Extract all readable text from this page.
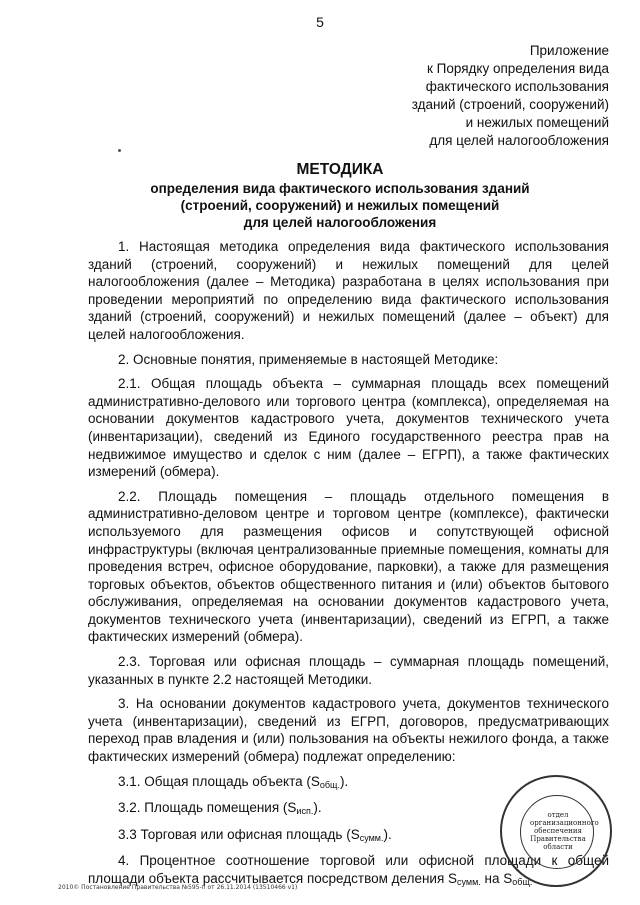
5
Приложение
к Порядку определения вида
фактического использования
зданий (строений, сооружений)
и нежилых помещений
для целей налогообложения
МЕТОДИКА
определения вида фактического использования зданий
(строений, сооружений) и нежилых помещений
для целей налогообложения

1. Настоящая методика определения вида фактического использования зданий (строений, сооружений) и нежилых помещений для целей налогообложения (далее – Методика) разработана в целях использования при проведении мероприятий по определению вида фактического использования зданий (строений, сооружений) и нежилых помещений (далее – объект) для целей налогообложения.

2. Основные понятия, применяемые в настоящей Методике:

2.1. Общая площадь объекта – суммарная площадь всех помещений административно-делового или торгового центра (комплекса), определяемая на основании документов кадастрового учета, документов технического учета (инвентаризации), сведений из Единого государственного реестра прав на недвижимое имущество и сделок с ним (далее – ЕГРП), а также фактических измерений (обмера).

2.2. Площадь помещения – площадь отдельного помещения в административно-деловом центре и торговом центре (комплексе), фактически используемого для размещения офисов и сопутствующей офисной инфраструктуры (включая централизованные приемные помещения, комнаты для проведения встреч, офисное оборудование, парковки), а также для размещения торговых объектов, объектов общественного питания и (или) объектов бытового обслуживания, определяемая на основании документов кадастрового учета, документов технического учета (инвентаризации), сведений из ЕГРП, а также фактических измерений (обмера).

2.3. Торговая или офисная площадь – суммарная площадь помещений, указанных в пункте 2.2 настоящей Методики.

3. На основании документов кадастрового учета, документов технического учета (инвентаризации), сведений из ЕГРП, договоров, предусматривающих переход прав владения и (или) пользования на объекты нежилого фонда, а также фактических измерений (обмера) подлежат определению:

3.1. Общая площадь объекта $(S_{общ.})$.

3.2. Площадь помещения $(S_{исп.})$.

3.3 Торговая или офисная площадь $(S_{сумм.})$.

4. Процентное соотношение торговой или офисной площади к общей площади объекта рассчитывается посредством деления $S_{сумм.}$ на $S_{общ.}$

отдел
организационного
обеспечения
Правительства
области
2010© Постановление Правительства №595-п от 26.11.2014 (13510466 v1)
